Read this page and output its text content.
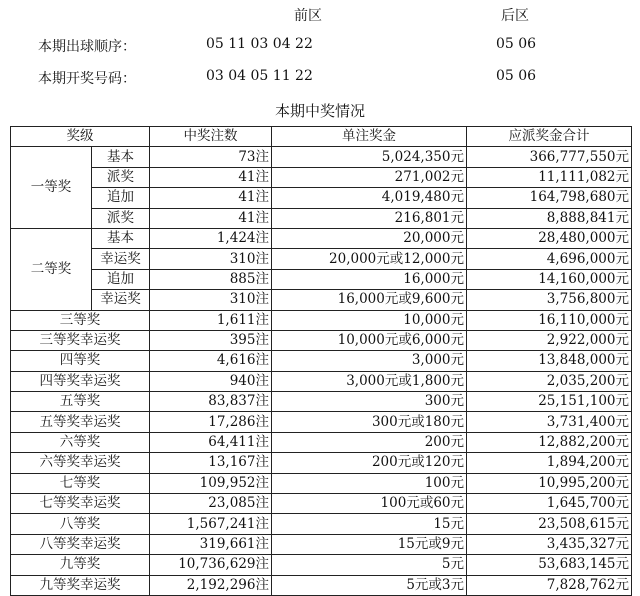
前区	后区
本期出球顺序：	05 11 03 04 22	05 06
本期开奖号码：	03 04 05 11 22	05 06
本期中奖情况
奖级		中奖注数	单注奖金	应派奖金合计
一等奖	基本	73注	5,024,350元	366,777,550元
	派奖	41注	271,002元	11,111,082元
	追加	41注	4,019,480元	164,798,680元
	派奖	41注	216,801元	8,888,841元
二等奖	基本	1,424注	20,000元	28,480,000元
	幸运奖	310注	20,000元或12,000元	4,696,000元
	追加	885注	16,000元	14,160,000元
	幸运奖	310注	16,000元或9,600元	3,756,800元
三等奖		1,611注	10,000元	16,110,000元
三等奖幸运奖		395注	10,000元或6,000元	2,922,000元
四等奖		4,616注	3,000元	13,848,000元
四等奖幸运奖		940注	3,000元或1,800元	2,035,200元
五等奖		83,837注	300元	25,151,100元
五等奖幸运奖		17,286注	300元或180元	3,731,400元
六等奖		64,411注	200元	12,882,200元
六等奖幸运奖		13,167注	200元或120元	1,894,200元
七等奖		109,952注	100元	10,995,200元
七等奖幸运奖		23,085注	100元或60元	1,645,700元
八等奖		1,567,241注	15元	23,508,615元
八等奖幸运奖		319,661注	15元或9元	3,435,327元
九等奖		10,736,629注	5元	53,683,145元
九等奖幸运奖		2,192,296注	5元或3元	7,828,762元
